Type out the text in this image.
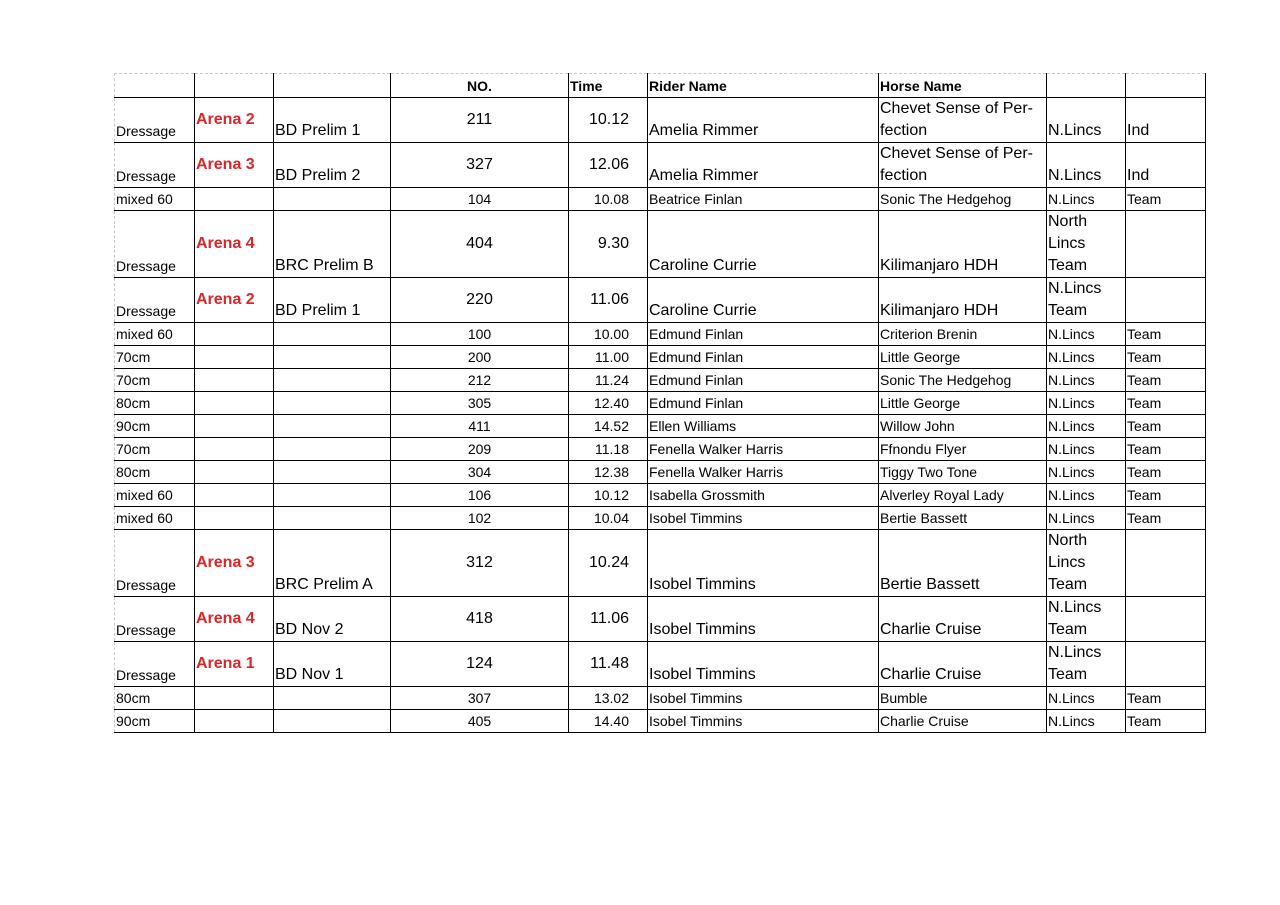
			NO.	Time	Rider Name	Horse Name		
Dressage	Arena 2	BD Prelim 1	211	10.12	Amelia Rimmer	Chevet Sense of Per- fection	N.Lincs	Ind
Dressage	Arena 3	BD Prelim 2	327	12.06	Amelia Rimmer	Chevet Sense of Per- fection	N.Lincs	Ind
mixed 60			104	10.08	Beatrice Finlan	Sonic The Hedgehog	N.Lincs	Team
Dressage	Arena 4	BRC Prelim B	404	9.30	Caroline Currie	Kilimanjaro HDH	North Lincs Team	
Dressage	Arena 2	BD Prelim 1	220	11.06	Caroline Currie	Kilimanjaro HDH	N.Lincs Team	
mixed 60			100	10.00	Edmund Finlan	Criterion Brenin	N.Lincs	Team
70cm			200	11.00	Edmund Finlan	Little George	N.Lincs	Team
70cm			212	11.24	Edmund Finlan	Sonic The Hedgehog	N.Lincs	Team
80cm			305	12.40	Edmund Finlan	Little George	N.Lincs	Team
90cm			411	14.52	Ellen Williams	Willow John	N.Lincs	Team
70cm			209	11.18	Fenella Walker Harris	Ffnondu Flyer	N.Lincs	Team
80cm			304	12.38	Fenella Walker Harris	Tiggy Two Tone	N.Lincs	Team
mixed 60			106	10.12	Isabella Grossmith	Alverley Royal Lady	N.Lincs	Team
mixed 60			102	10.04	Isobel Timmins	Bertie Bassett	N.Lincs	Team
Dressage	Arena 3	BRC Prelim A	312	10.24	Isobel Timmins	Bertie Bassett	North Lincs Team	
Dressage	Arena 4	BD Nov 2	418	11.06	Isobel Timmins	Charlie Cruise	N.Lincs Team	
Dressage	Arena 1	BD Nov 1	124	11.48	Isobel Timmins	Charlie Cruise	N.Lincs Team	
80cm			307	13.02	Isobel Timmins	Bumble	N.Lincs	Team
90cm			405	14.40	Isobel Timmins	Charlie Cruise	N.Lincs	Team
